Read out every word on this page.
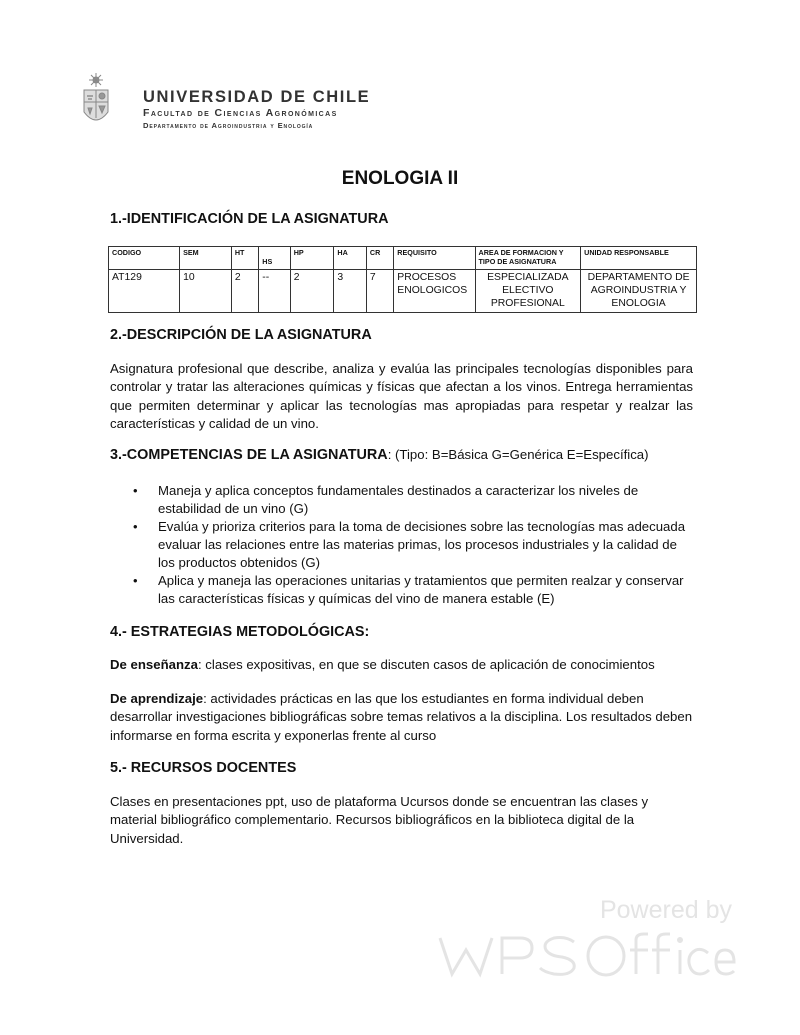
UNIVERSIDAD DE CHILE
Facultad de Ciencias Agronómicas
Departamento de Agroindustria y Enología
ENOLOGIA II
1.-IDENTIFICACIÓN DE LA ASIGNATURA
CODIGO	SEM	HT	HS	HP	HA	CR	REQUISITO	AREA DE FORMACION Y TIPO DE ASIGNATURA	UNIDAD RESPONSABLE
AT129	10	2	--	2	3	7	PROCESOS ENOLOGICOS	ESPECIALIZADA ELECTIVO PROFESIONAL	DEPARTAMENTO DE AGROINDUSTRIA Y ENOLOGIA
2.-DESCRIPCIÓN DE LA ASIGNATURA
Asignatura profesional que describe, analiza y evalúa las principales tecnologías disponibles para controlar y tratar las alteraciones químicas y físicas que afectan a los vinos. Entrega herramientas que permiten determinar y aplicar las tecnologías mas apropiadas para respetar y realzar las características y calidad de un vino.
3.-COMPETENCIAS DE LA ASIGNATURA: (Tipo: B=Básica G=Genérica E=Específica)
•	Maneja y aplica conceptos fundamentales destinados a caracterizar los niveles de estabilidad de un vino (G)
•	Evalúa y prioriza criterios para la toma de decisiones sobre las tecnologías mas adecuada evaluar las relaciones entre las materias primas, los procesos industriales y la calidad de los productos obtenidos (G)
•	Aplica y maneja las operaciones unitarias y tratamientos que permiten realzar y conservar las características físicas y químicas del vino de manera estable (E)
4.- ESTRATEGIAS METODOLÓGICAS:
De enseñanza: clases expositivas, en que se discuten casos de aplicación de conocimientos
De aprendizaje: actividades prácticas en las que los estudiantes en forma individual deben desarrollar investigaciones bibliográficas sobre temas relativos a la disciplina. Los resultados deben informarse en forma escrita y exponerlas frente al curso
5.- RECURSOS DOCENTES
Clases en presentaciones ppt, uso de plataforma Ucursos donde se encuentran las clases y material bibliográfico complementario. Recursos bibliográficos en la biblioteca digital de la Universidad.
Powered by
